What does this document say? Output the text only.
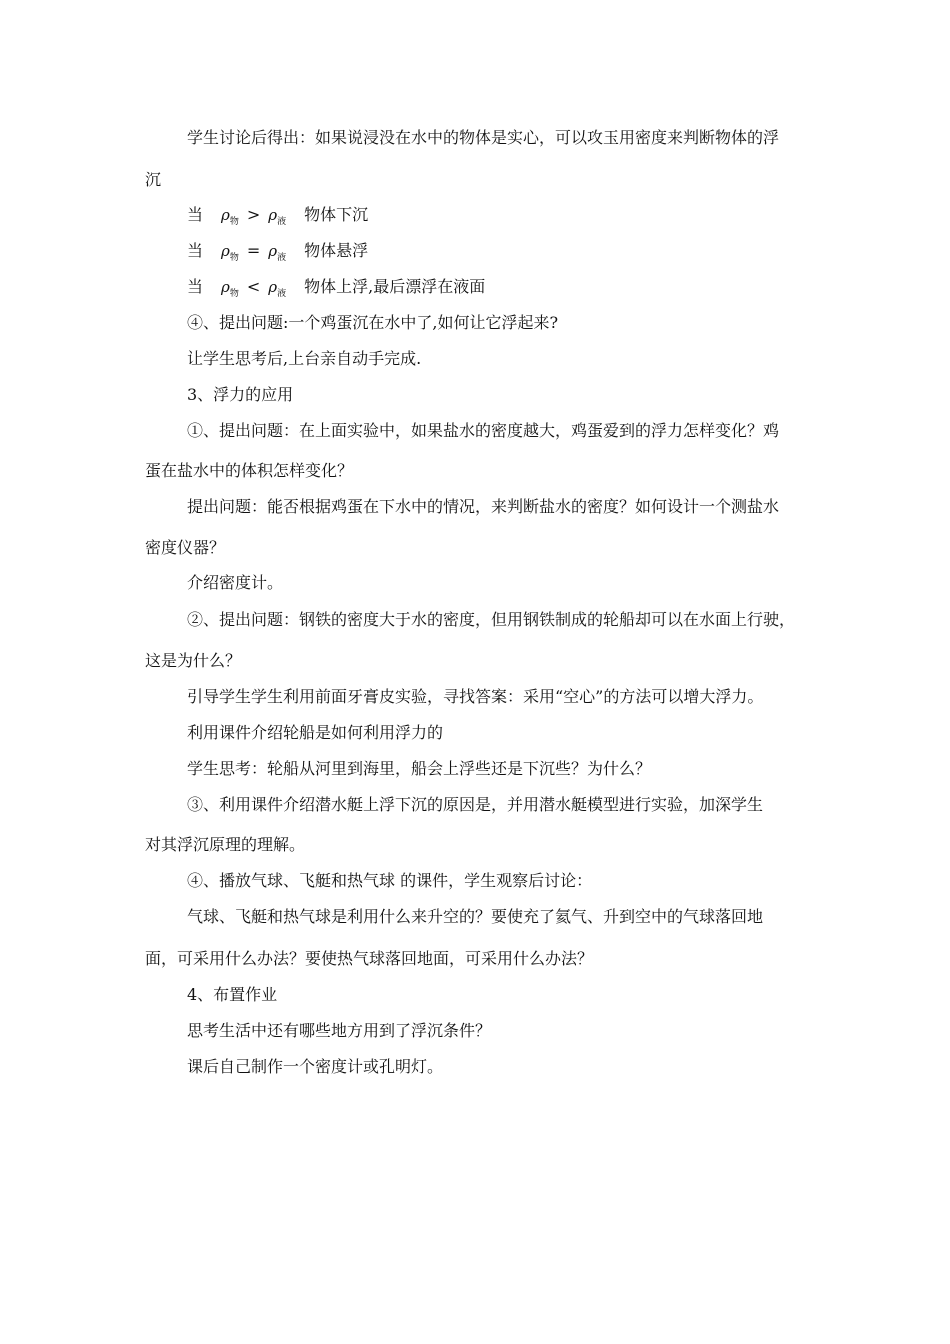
学生讨论后得出：如果说浸没在水中的物体是实心，可以攻玉用密度来判断物体的浮
沉
当 ρ物 > ρ液 物体下沉
当 ρ物 = ρ液 物体悬浮
当 ρ物 < ρ液 物体上浮,最后漂浮在液面
④、提出问题:一个鸡蛋沉在水中了,如何让它浮起来?
让学生思考后,上台亲自动手完成.
3、浮力的应用
①、提出问题：在上面实验中，如果盐水的密度越大，鸡蛋爱到的浮力怎样变化？鸡
蛋在盐水中的体积怎样变化？
提出问题：能否根据鸡蛋在下水中的情况，来判断盐水的密度？如何设计一个测盐水
密度仪器？
介绍密度计。
②、提出问题：钢铁的密度大于水的密度，但用钢铁制成的轮船却可以在水面上行驶，
这是为什么？
引导学生学生利用前面牙膏皮实验，寻找答案：采用“空心”的方法可以增大浮力。
利用课件介绍轮船是如何利用浮力的
学生思考：轮船从河里到海里，船会上浮些还是下沉些？为什么？
③、利用课件介绍潜水艇上浮下沉的原因是，并用潜水艇模型进行实验，加深学生
对其浮沉原理的理解。
④、播放气球、飞艇和热气球 的课件，学生观察后讨论：
气球、飞艇和热气球是利用什么来升空的？要使充了氦气、升到空中的气球落回地
面，可采用什么办法？要使热气球落回地面，可采用什么办法？
4、布置作业
思考生活中还有哪些地方用到了浮沉条件？
课后自己制作一个密度计或孔明灯。
